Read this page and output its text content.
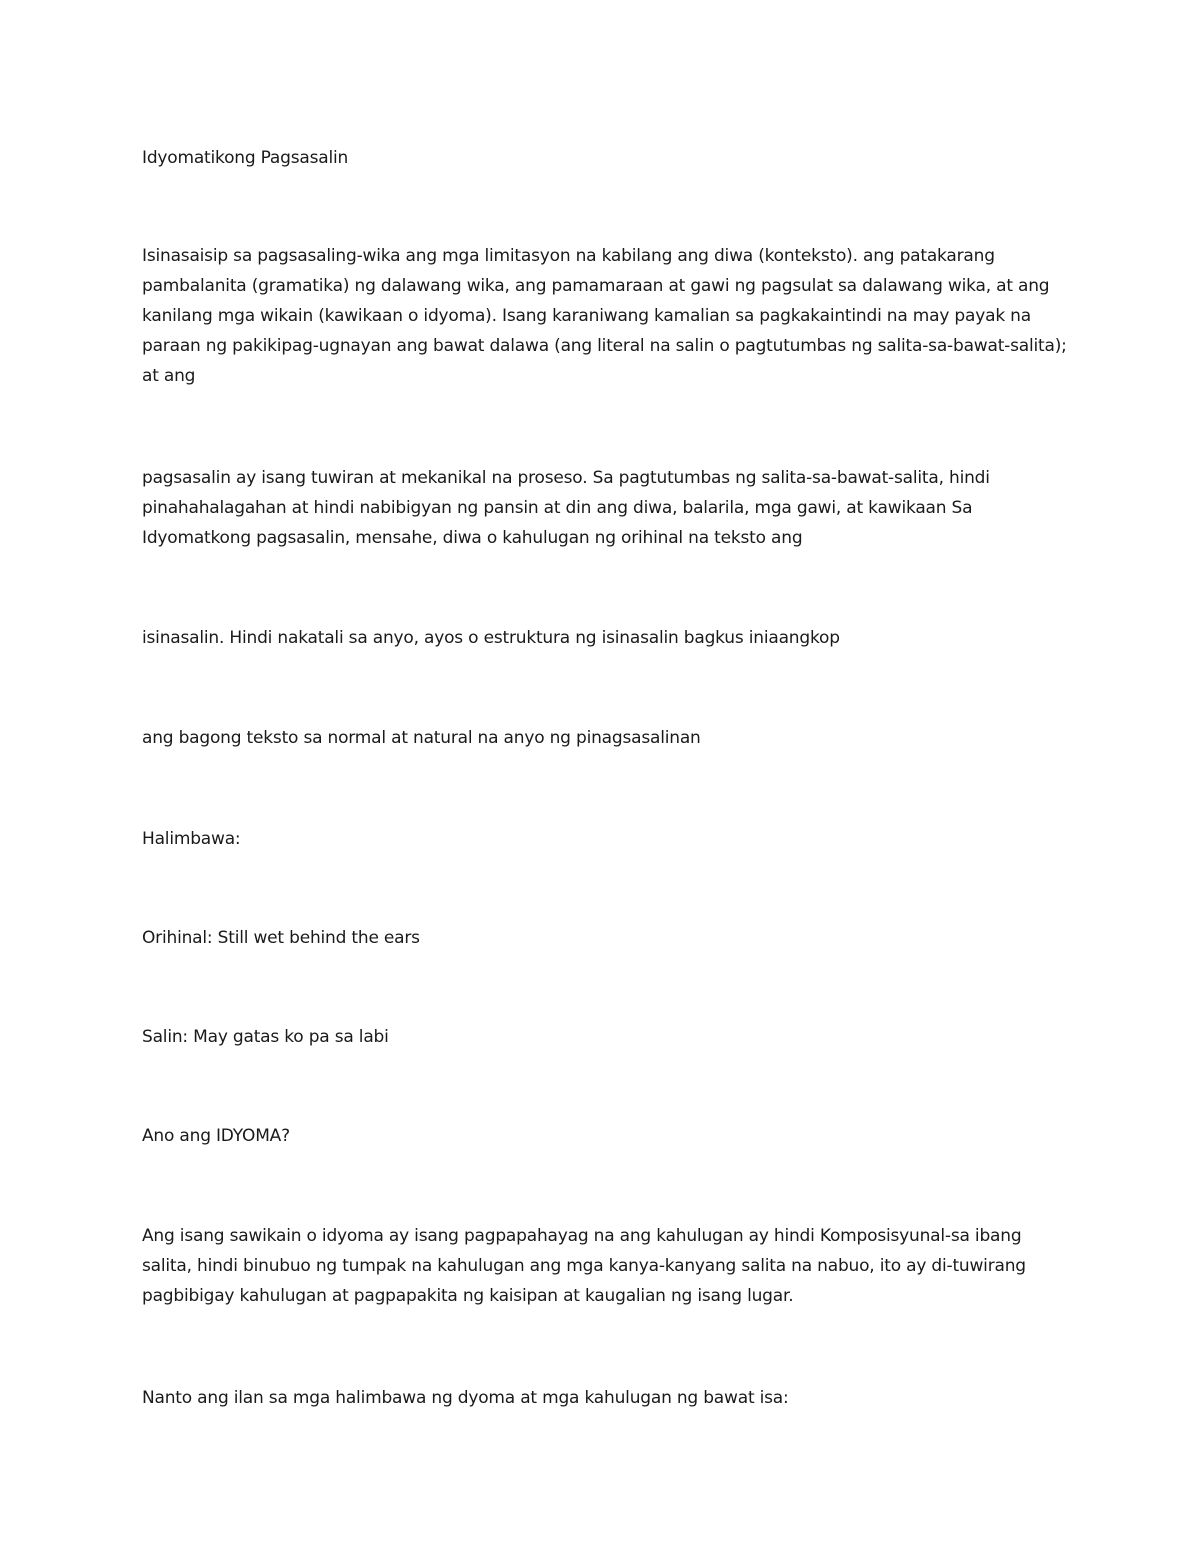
Idyomatikong Pagsasalin

Isinasaisip sa pagsasaling-wika ang mga limitasyon na kabilang ang diwa (konteksto). ang patakarang pambalanita (gramatika) ng dalawang wika, ang pamamaraan at gawi ng pagsulat sa dalawang wika, at ang kanilang mga wikain (kawikaan o idyoma). Isang karaniwang kamalian sa pagkakaintindi na may payak na paraan ng pakikipag-ugnayan ang bawat dalawa (ang literal na salin o pagtutumbas ng salita-sa-bawat-salita); at ang

pagsasalin ay isang tuwiran at mekanikal na proseso. Sa pagtutumbas ng salita-sa-bawat-salita, hindi pinahahalagahan at hindi nabibigyan ng pansin at din ang diwa, balarila, mga gawi, at kawikaan Sa Idyomatkong pagsasalin, mensahe, diwa o kahulugan ng orihinal na teksto ang

isinasalin. Hindi nakatali sa anyo, ayos o estruktura ng isinasalin bagkus iniaangkop

ang bagong teksto sa normal at natural na anyo ng pinagsasalinan

Halimbawa:

Orihinal: Still wet behind the ears

Salin: May gatas ko pa sa labi

Ano ang IDYOMA?

Ang isang sawikain o idyoma ay isang pagpapahayag na ang kahulugan ay hindi Komposisyunal-sa ibang salita, hindi binubuo ng tumpak na kahulugan ang mga kanya-kanyang salita na nabuo, ito ay di-tuwirang pagbibigay kahulugan at pagpapakita ng kaisipan at kaugalian ng isang lugar.

Nanto ang ilan sa mga halimbawa ng dyoma at mga kahulugan ng bawat isa:
